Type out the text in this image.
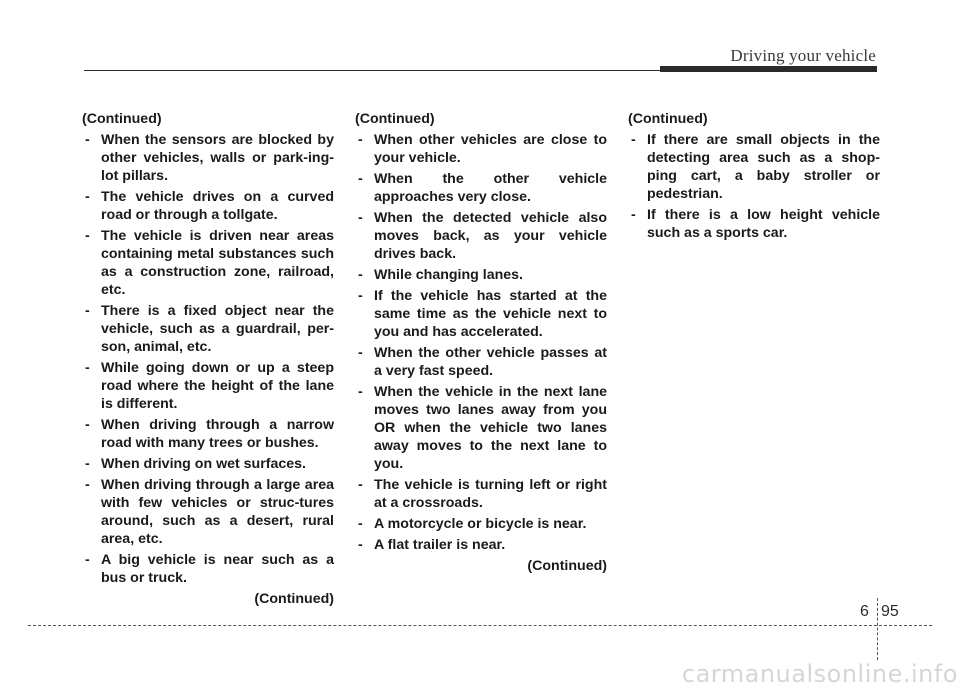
Driving your vehicle
(Continued)
- When the sensors are blocked by other vehicles, walls or park-ing-lot pillars.
- The vehicle drives on a curved road or through a tollgate.
- The vehicle is driven near areas containing metal substances such as a construction zone, railroad, etc.
- There is a fixed object near the vehicle, such as a guardrail, per-son, animal, etc.
- While going down or up a steep road where the height of the lane is different.
- When driving through a narrow road with many trees or bushes.
- When driving on wet surfaces.
- When driving through a large area with few vehicles or struc-tures around, such as a desert, rural area, etc.
- A big vehicle is near such as a bus or truck.
(Continued)
(Continued)
- When other vehicles are close to your vehicle.
- When the other vehicle approaches very close.
- When the detected vehicle also moves back, as your vehicle drives back.
- While changing lanes.
- If the vehicle has started at the same time as the vehicle next to you and has accelerated.
- When the other vehicle passes at a very fast speed.
- When the vehicle in the next lane moves two lanes away from you OR when the vehicle two lanes away moves to the next lane to you.
- The vehicle is turning left or right at a crossroads.
- A motorcycle or bicycle is near.
- A flat trailer is near.
(Continued)
(Continued)
- If there are small objects in the detecting area such as a shop-ping cart, a baby stroller or pedestrian.
- If there is a low height vehicle such as a sports car.
6 95
carmanualsonline.info
